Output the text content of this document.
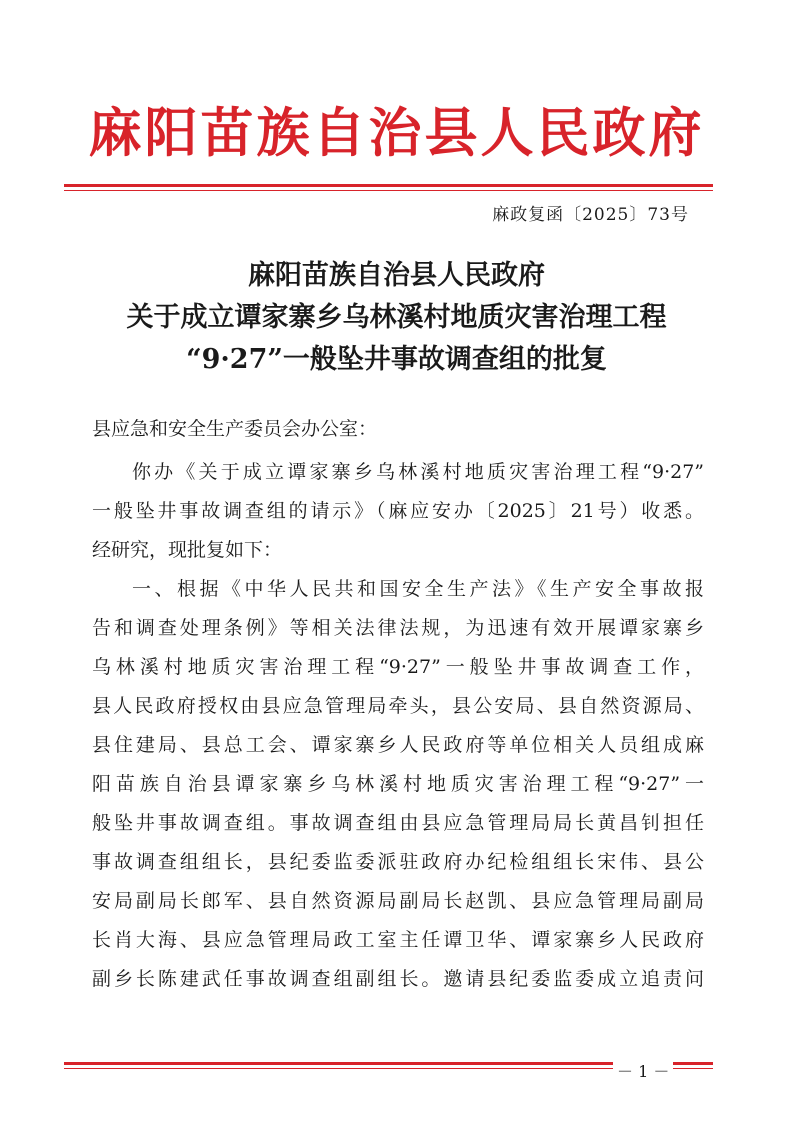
麻阳苗族自治县人民政府
麻政复函〔2025〕73号
麻阳苗族自治县人民政府
关于成立谭家寨乡乌林溪村地质灾害治理工程
“9·27”一般坠井事故调查组的批复
县应急和安全生产委员会办公室：
你办《关于成立谭家寨乡乌林溪村地质灾害治理工程“9·27”
一般坠井事故调查组的请示》（麻应安办〔2025〕21号）收悉。
经研究，现批复如下：
一、根据《中华人民共和国安全生产法》《生产安全事故报
告和调查处理条例》等相关法律法规，为迅速有效开展谭家寨乡
乌林溪村地质灾害治理工程“9·27”一般坠井事故调查工作，
县人民政府授权由县应急管理局牵头，县公安局、县自然资源局、
县住建局、县总工会、谭家寨乡人民政府等单位相关人员组成麻
阳苗族自治县谭家寨乡乌林溪村地质灾害治理工程“9·27”一
般坠井事故调查组。事故调查组由县应急管理局局长黄昌钊担任
事故调查组组长，县纪委监委派驻政府办纪检组组长宋伟、县公
安局副局长郎军、县自然资源局副局长赵凯、县应急管理局副局
长肖大海、县应急管理局政工室主任谭卫华、谭家寨乡人民政府
副乡长陈建武任事故调查组副组长。邀请县纪委监委成立追责问
－ 1 －
